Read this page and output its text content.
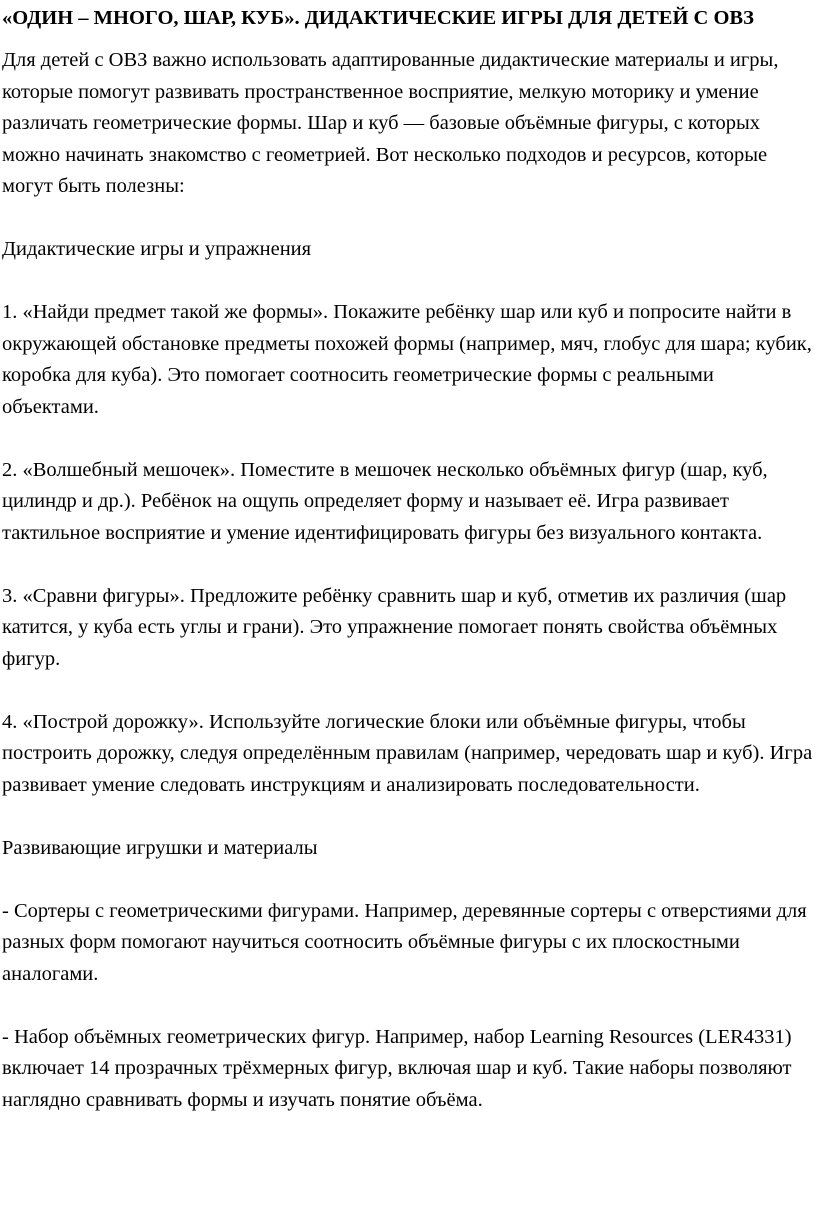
«ОДИН – МНОГО, ШАР, КУБ». ДИДАКТИЧЕСКИЕ ИГРЫ ДЛЯ ДЕТЕЙ С ОВЗ

Для детей с ОВЗ важно использовать адаптированные дидактические материалы и игры, которые помогут развивать пространственное восприятие, мелкую моторику и умение различать геометрические формы. Шар и куб — базовые объёмные фигуры, с которых можно начинать знакомство с геометрией. Вот несколько подходов и ресурсов, которые могут быть полезны:

Дидактические игры и упражнения

1. «Найди предмет такой же формы». Покажите ребёнку шар или куб и попросите найти в окружающей обстановке предметы похожей формы (например, мяч, глобус для шара; кубик, коробка для куба). Это помогает соотносить геометрические формы с реальными объектами.

2. «Волшебный мешочек». Поместите в мешочек несколько объёмных фигур (шар, куб, цилиндр и др.). Ребёнок на ощупь определяет форму и называет её. Игра развивает тактильное восприятие и умение идентифицировать фигуры без визуального контакта.

3. «Сравни фигуры». Предложите ребёнку сравнить шар и куб, отметив их различия (шар катится, у куба есть углы и грани). Это упражнение помогает понять свойства объёмных фигур.

4. «Построй дорожку». Используйте логические блоки или объёмные фигуры, чтобы построить дорожку, следуя определённым правилам (например, чередовать шар и куб). Игра развивает умение следовать инструкциям и анализировать последовательности.

Развивающие игрушки и материалы

- Сортеры с геометрическими фигурами. Например, деревянные сортеры с отверстиями для разных форм помогают научиться соотносить объёмные фигуры с их плоскостными аналогами.

- Набор объёмных геометрических фигур. Например, набор Learning Resources (LER4331) включает 14 прозрачных трёхмерных фигур, включая шар и куб. Такие наборы позволяют наглядно сравнивать формы и изучать понятие объёма.
